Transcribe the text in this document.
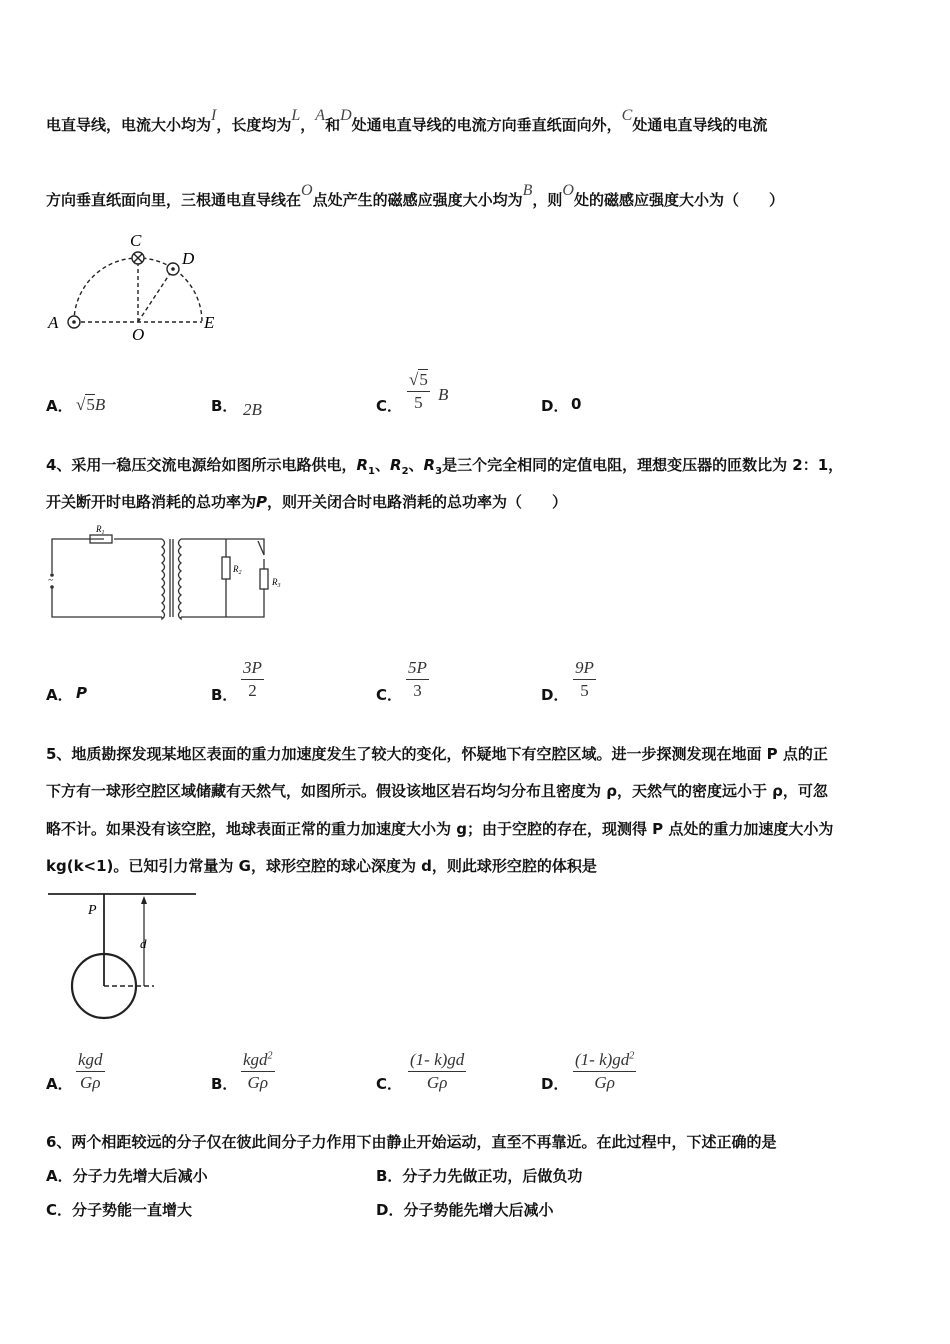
电直导线，电流大小均为I，长度均为L，A和D处通电直导线的电流方向垂直纸面向外，C处通电直导线的电流
方向垂直纸面向里，三根通电直导线在O点处产生的磁感应强度大小均为B，则O处的磁感应强度大小为（　　）
C
D
A
O
E
A． √5B	B． 2B	C．
√5
5 B
D． 0
4、采用一稳压交流电源给如图所示电路供电，$R_1$、$R_2$、$R_3$是三个完全相同的定值电阻，理想变压器的匝数比为 2：1，
开关断开时电路消耗的总功率为P，则开关闭合时电路消耗的总功率为（　　）
~
$R_1$
$R_2$
$R_3$
A． P	B．
3P
2	C．
5P
3	D．
9P
5
5、地质勘探发现某地区表面的重力加速度发生了较大的变化，怀疑地下有空腔区域。进一步探测发现在地面 P 点的正
下方有一球形空腔区域储藏有天然气，如图所示。假设该地区岩石均匀分布且密度为 ρ，天然气的密度远小于 ρ，可忽
略不计。如果没有该空腔，地球表面正常的重力加速度大小为 g；由于空腔的存在，现测得 P 点处的重力加速度大小为
kg(k<1)。已知引力常量为 G，球形空腔的球心深度为 d，则此球形空腔的体积是
P
d
A．
kgd
Gρ	B．
kgd$^2$
Gρ	C．
(1- k)gd
Gρ	D．
(1- $k)gd^2$
Gρ
6、两个相距较远的分子仅在彼此间分子力作用下由静止开始运动，直至不再靠近。在此过程中，下述正确的是
A．分子力先增大后减小	B．分子力先做正功，后做负功
C．分子势能一直增大	D．分子势能先增大后减小
